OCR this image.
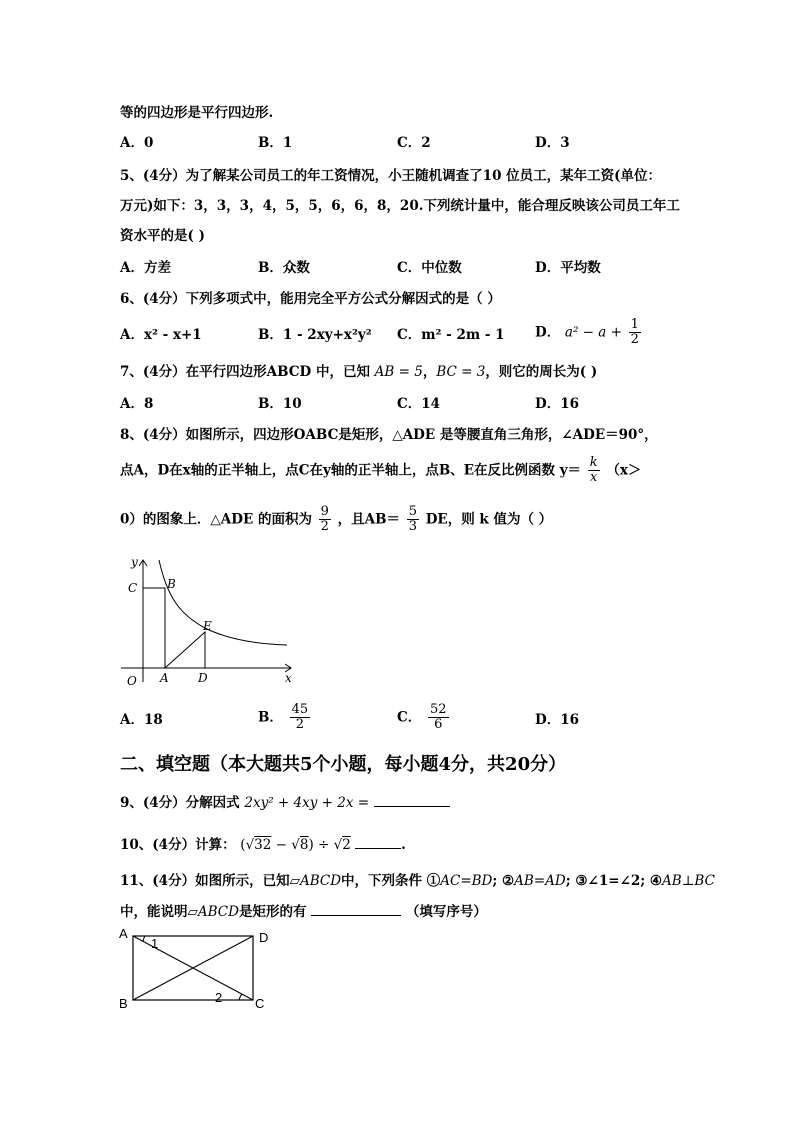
等的四边形是平行四边形.
A．0	B．1	C．2	D．3
5、(4分）为了解某公司员工的年工资情况，小王随机调查了10 位员工，某年工资(单位：
万元)如下：3，3，3，4，5，5，6，6，8，20.下列统计量中，能合理反映该公司员工年工
资水平的是( )
A．方差	B．众数	C．中位数	D．平均数
6、(4分）下列多项式中，能用完全平方公式分解因式的是（ ）
A．x² - x+1	B．1 - 2xy+x²y² C．m² - 2m - 1 D． $a^2 - a + \frac{1}{2}$
7、(4分）在平行四边形ABCD 中，已知 AB = 5，BC = 3，则它的周长为( )
A．8	B．10	C．14	D．16
8、(4分）如图所示，四边形OABC是矩形，△ADE 是等腰直角三角形，∠ADE＝90°，
点A，D在x轴的正半轴上，点C在y轴的正半轴上，点B、E在反比例函数 $y= \frac{k}{x} (x>$
0）的图象上．△ADE 的面积为 $\frac{9}{2}$ ，且$AB= \frac{5}{3}$ DE，则 k 值为（ ）
y
x
O A D
C B
E
A．18	B． $\frac{45}{2}$	C． $\frac{52}{6}$	D．16
二、填空题（本大题共5个小题，每小题4分，共20分）
9、(4分）分解因式 2xy² + 4xy + 2x =
10、(4分）计算： (√32 − √8) ÷ √2	.
11、(4分）如图所示，已知▱ABCD中，下列条件 ①AC=BD; ②AB=AD; ③∠1=∠2; ④AB⊥BC
中，能说明▱ABCD是矩形的有	（填写序号）
A	D
B	C
1
2
